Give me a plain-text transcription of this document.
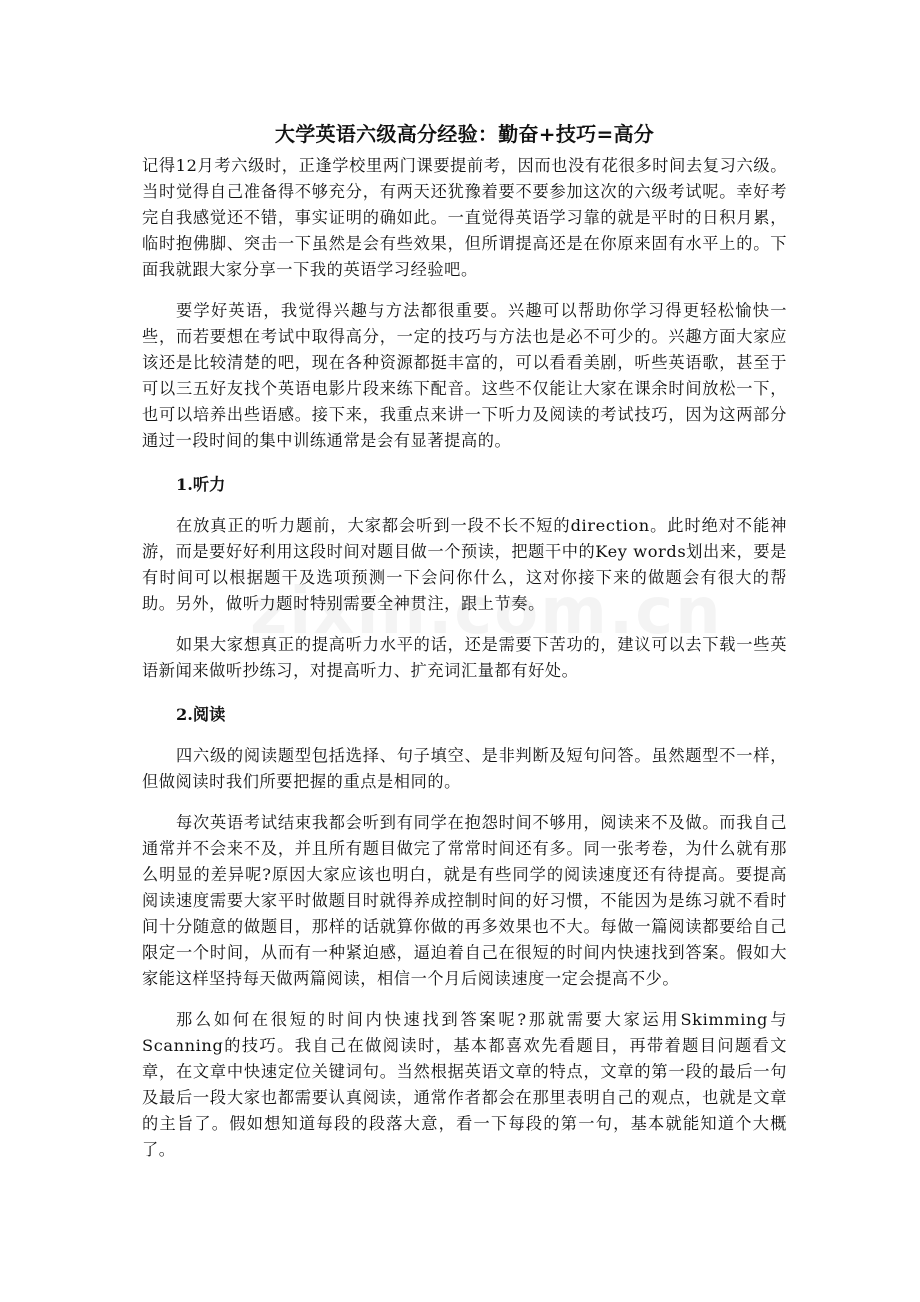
大学英语六级高分经验：勤奋+技巧=高分

记得12月考六级时，正逢学校里两门课要提前考，因而也没有花很多时间去复习六级。当时觉得自己准备得不够充分，有两天还犹豫着要不要参加这次的六级考试呢。幸好考完自我感觉还不错，事实证明的确如此。一直觉得英语学习靠的就是平时的日积月累，临时抱佛脚、突击一下虽然是会有些效果，但所谓提高还是在你原来固有水平上的。下面我就跟大家分享一下我的英语学习经验吧。

要学好英语，我觉得兴趣与方法都很重要。兴趣可以帮助你学习得更轻松愉快一些，而若要想在考试中取得高分，一定的技巧与方法也是必不可少的。兴趣方面大家应该还是比较清楚的吧，现在各种资源都挺丰富的，可以看看美剧，听些英语歌，甚至于可以三五好友找个英语电影片段来练下配音。这些不仅能让大家在课余时间放松一下，也可以培养出些语感。接下来，我重点来讲一下听力及阅读的考试技巧，因为这两部分通过一段时间的集中训练通常是会有显著提高的。

1.听力

在放真正的听力题前，大家都会听到一段不长不短的direction。此时绝对不能神游，而是要好好利用这段时间对题目做一个预读，把题干中的Key words划出来，要是有时间可以根据题干及选项预测一下会问你什么，这对你接下来的做题会有很大的帮助。另外，做听力题时特别需要全神贯注，跟上节奏。

如果大家想真正的提高听力水平的话，还是需要下苦功的，建议可以去下载一些英语新闻来做听抄练习，对提高听力、扩充词汇量都有好处。

2.阅读

四六级的阅读题型包括选择、句子填空、是非判断及短句问答。虽然题型不一样，但做阅读时我们所要把握的重点是相同的。

每次英语考试结束我都会听到有同学在抱怨时间不够用，阅读来不及做。而我自己通常并不会来不及，并且所有题目做完了常常时间还有多。同一张考卷，为什么就有那么明显的差异呢?原因大家应该也明白，就是有些同学的阅读速度还有待提高。要提高阅读速度需要大家平时做题目时就得养成控制时间的好习惯，不能因为是练习就不看时间十分随意的做题目，那样的话就算你做的再多效果也不大。每做一篇阅读都要给自己限定一个时间，从而有一种紧迫感，逼迫着自己在很短的时间内快速找到答案。假如大家能这样坚持每天做两篇阅读，相信一个月后阅读速度一定会提高不少。

那么如何在很短的时间内快速找到答案呢?那就需要大家运用Skimming与Scanning的技巧。我自己在做阅读时，基本都喜欢先看题目，再带着题目问题看文章，在文章中快速定位关键词句。当然根据英语文章的特点，文章的第一段的最后一句及最后一段大家也都需要认真阅读，通常作者都会在那里表明自己的观点，也就是文章的主旨了。假如想知道每段的段落大意，看一下每段的第一句，基本就能知道个大概了。
